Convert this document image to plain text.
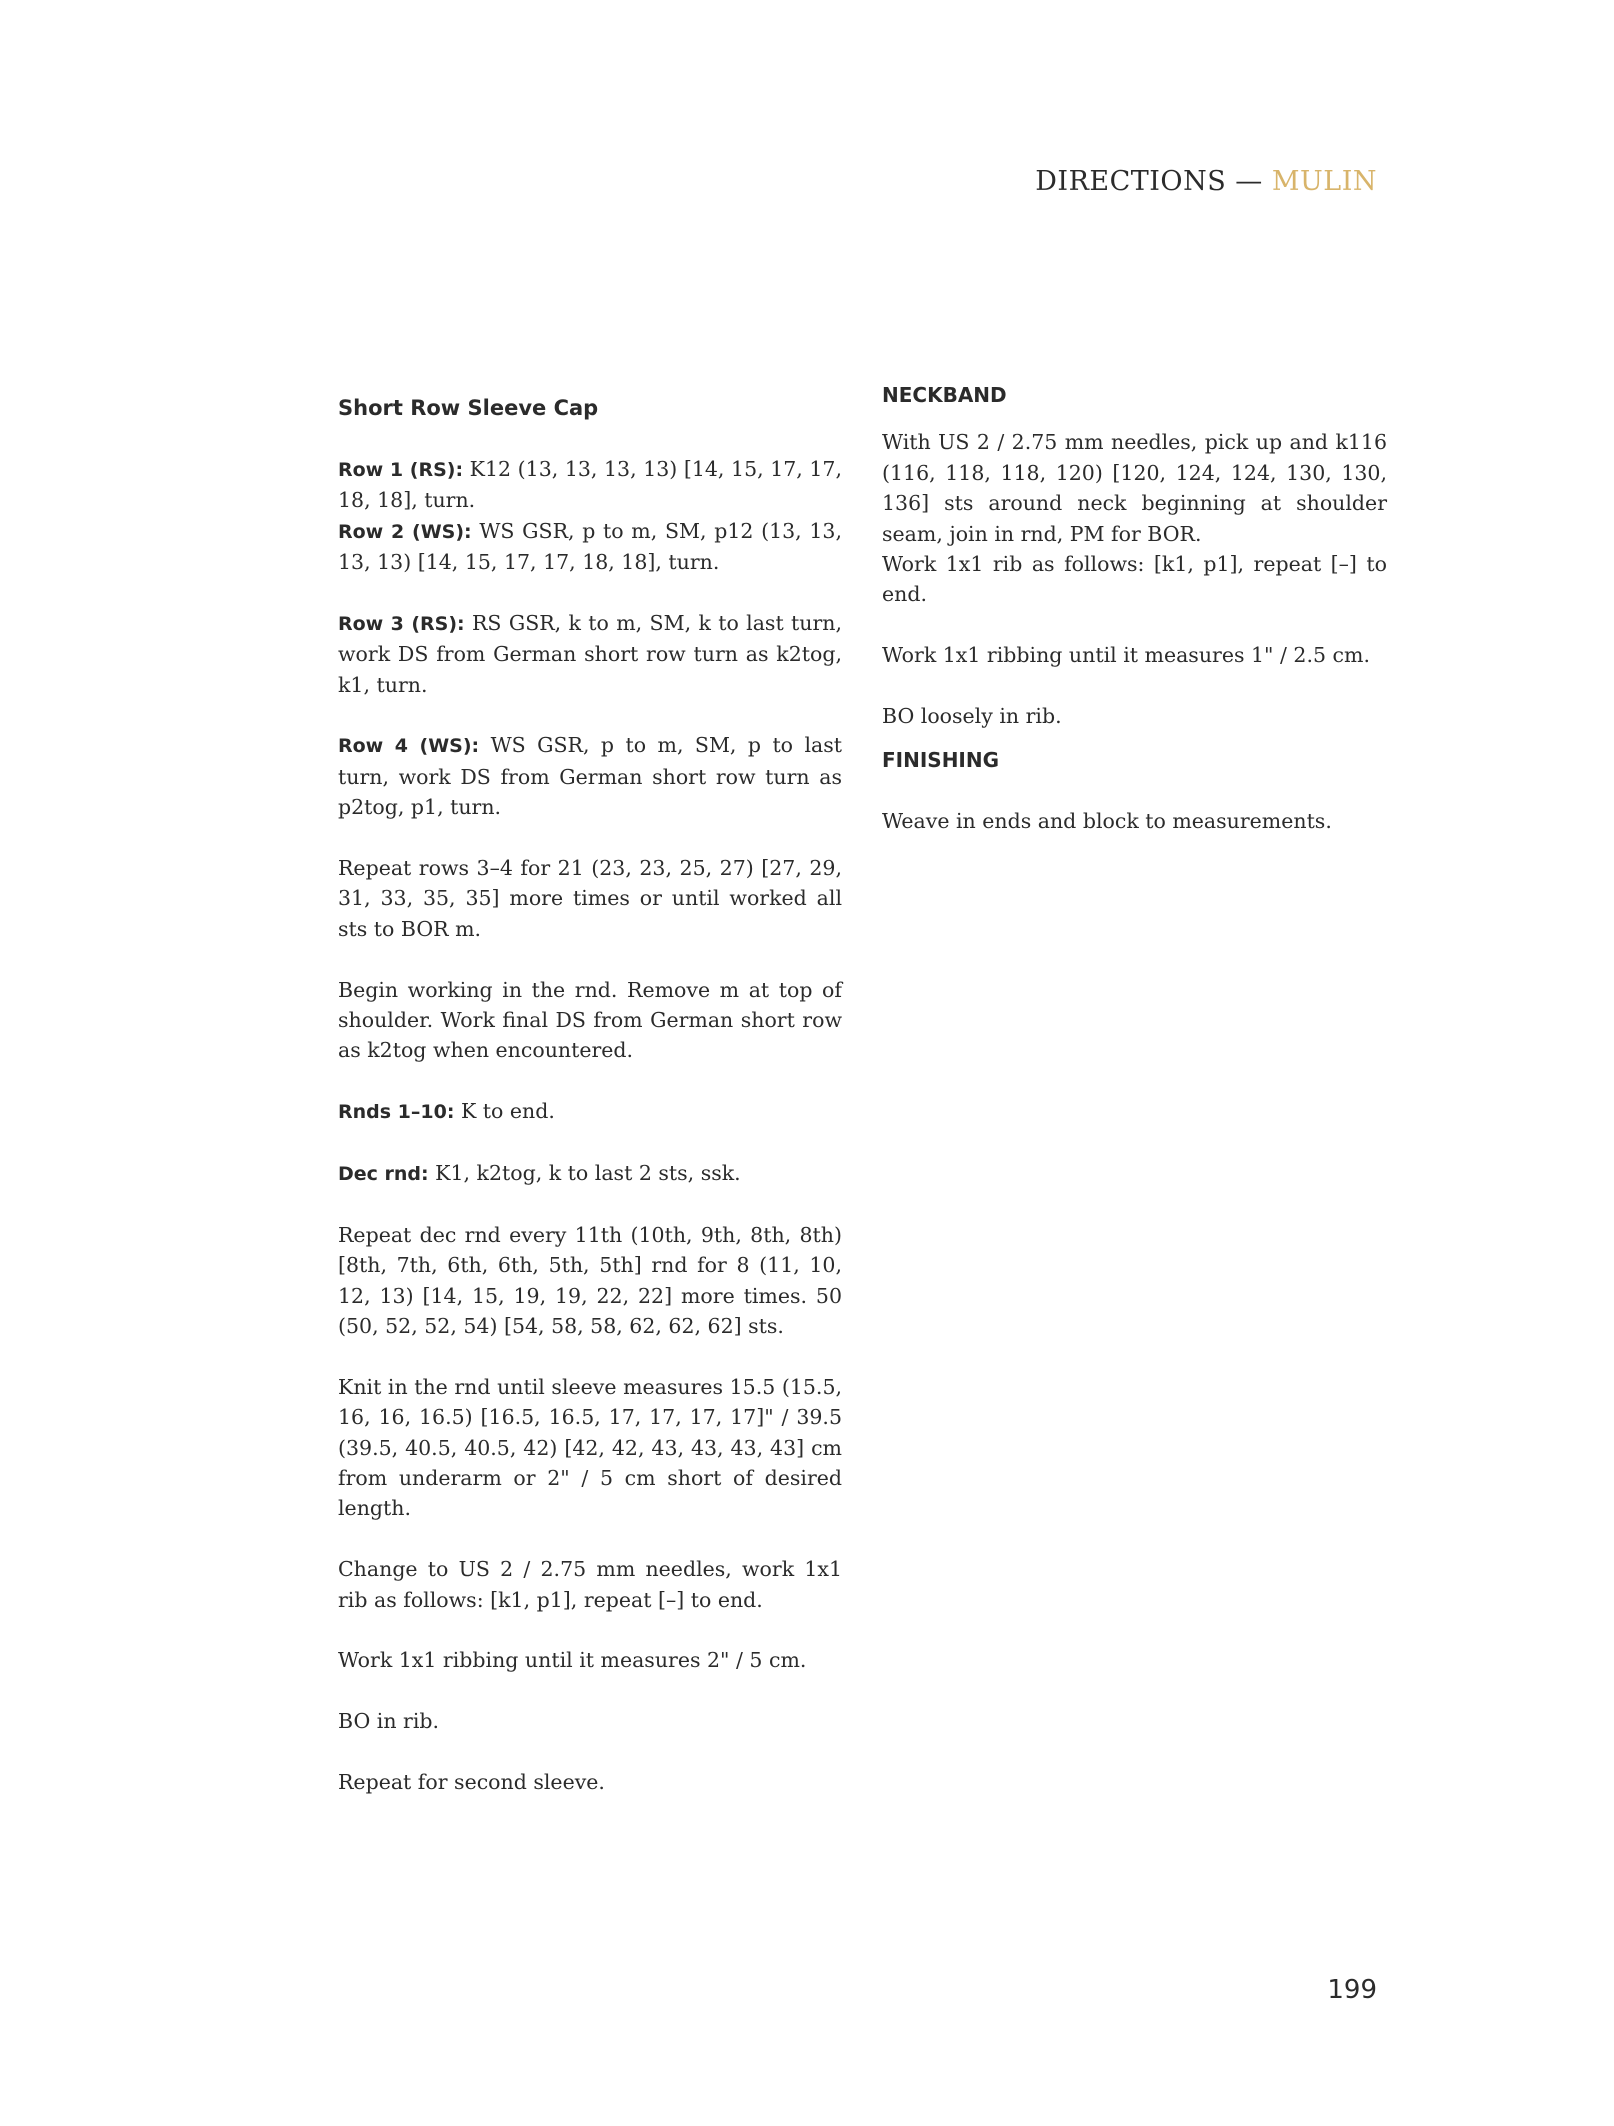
DIRECTIONS — MULIN

Short Row Sleeve Cap

Row 1 (RS): K12 (13, 13, 13, 13) [14, 15, 17, 17, 18, 18], turn.

Row 2 (WS): WS GSR, p to m, SM, p12 (13, 13, 13, 13) [14, 15, 17, 17, 18, 18], turn.

Row 3 (RS): RS GSR, k to m, SM, k to last turn, work DS from German short row turn as k2tog, k1, turn.

Row 4 (WS): WS GSR, p to m, SM, p to last turn, work DS from German short row turn as p2tog, p1, turn.

Repeat rows 3–4 for 21 (23, 23, 25, 27) [27, 29, 31, 33, 35, 35] more times or until worked all sts to BOR m.

Begin working in the rnd. Remove m at top of shoulder. Work final DS from German short row as k2tog when encountered.

Rnds 1–10: K to end.

Dec rnd: K1, k2tog, k to last 2 sts, ssk.

Repeat dec rnd every 11th (10th, 9th, 8th, 8th) [8th, 7th, 6th, 6th, 5th, 5th] rnd for 8 (11, 10, 12, 13) [14, 15, 19, 19, 22, 22] more times. 50 (50, 52, 52, 54) [54, 58, 58, 62, 62, 62] sts.

Knit in the rnd until sleeve measures 15.5 (15.5, 16, 16, 16.5) [16.5, 16.5, 17, 17, 17, 17]" / 39.5 (39.5, 40.5, 40.5, 42) [42, 42, 43, 43, 43, 43] cm from underarm or 2" / 5 cm short of desired length.

Change to US 2 / 2.75 mm needles, work 1x1 rib as follows: [k1, p1], repeat [–] to end.

Work 1x1 ribbing until it measures 2" / 5 cm.

BO in rib.

Repeat for second sleeve.

NECKBAND

With US 2 / 2.75 mm needles, pick up and k116 (116, 118, 118, 120) [120, 124, 124, 130, 130, 136] sts around neck beginning at shoulder seam, join in rnd, PM for BOR.

Work 1x1 rib as follows: [k1, p1], repeat [–] to end.

Work 1x1 ribbing until it measures 1" / 2.5 cm.

BO loosely in rib.

FINISHING

Weave in ends and block to measurements.

199
